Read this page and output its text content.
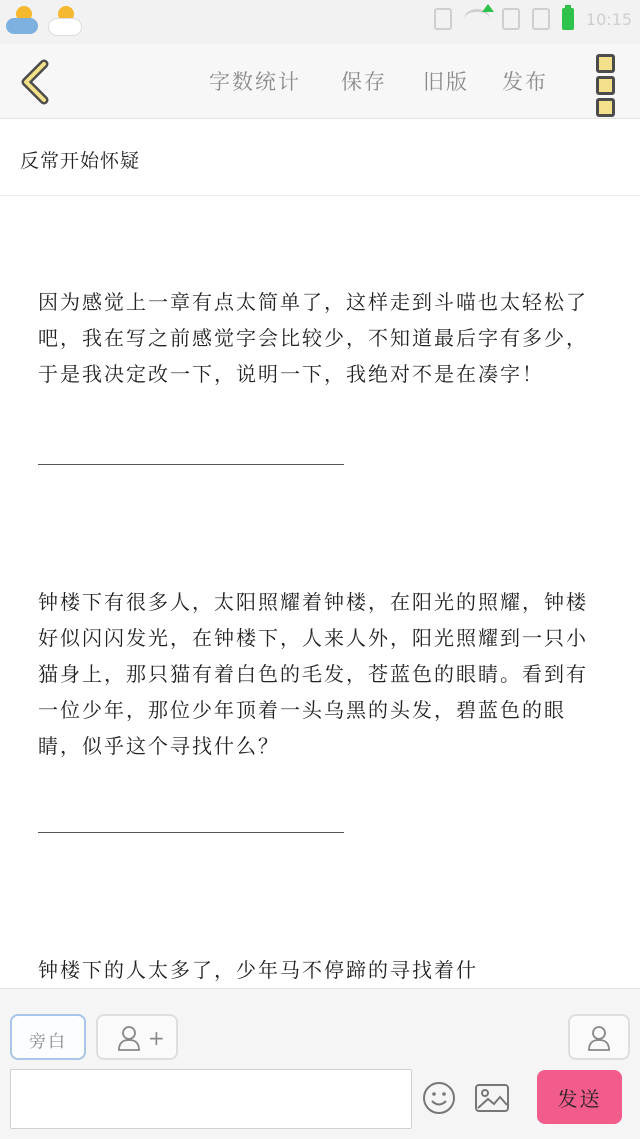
10:15
字数统计 保存 旧版 发布
反常开始怀疑
因为感觉上一章有点太简单了，这样走到斗喵也太轻松了吧，我在写之前感觉字会比较少，不知道最后字有多少，于是我决定改一下，说明一下，我绝对不是在凑字！
钟楼下有很多人，太阳照耀着钟楼，在阳光的照耀，钟楼好似闪闪发光，在钟楼下，人来人外，阳光照耀到一只小猫身上，那只猫有着白色的毛发，苍蓝色的眼睛。看到有一位少年，那位少年顶着一头乌黑的头发，碧蓝色的眼睛，似乎这个寻找什么？
钟楼下的人太多了，少年马不停蹄的寻找着什
旁白	+
发送
